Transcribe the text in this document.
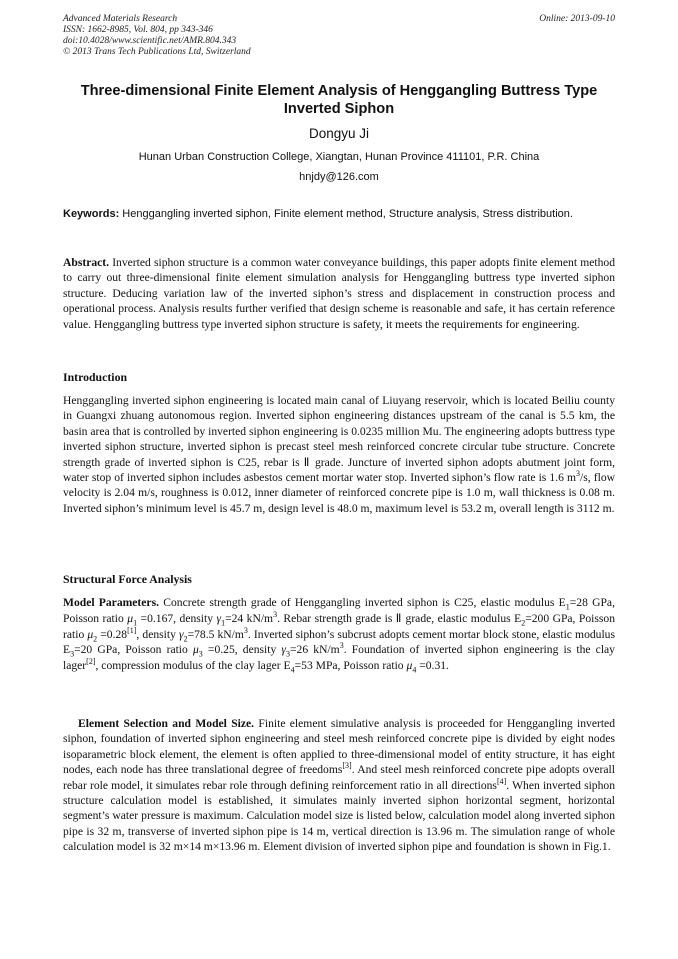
Advanced Materials Research
ISSN: 1662-8985, Vol. 804, pp 343-346
doi:10.4028/www.scientific.net/AMR.804.343
© 2013 Trans Tech Publications Ltd, Switzerland
Online: 2013-09-10
Three-dimensional Finite Element Analysis of Henggangling Buttress Type Inverted Siphon
Dongyu Ji
Hunan Urban Construction College, Xiangtan, Hunan Province 411101, P.R. China
hnjdy@126.com
Keywords: Henggangling inverted siphon, Finite element method, Structure analysis, Stress distribution.
Abstract. Inverted siphon structure is a common water conveyance buildings, this paper adopts finite element method to carry out three-dimensional finite element simulation analysis for Henggangling buttress type inverted siphon structure. Deducing variation law of the inverted siphon’s stress and displacement in construction process and operational process. Analysis results further verified that design scheme is reasonable and safe, it has certain reference value. Henggangling buttress type inverted siphon structure is safety, it meets the requirements for engineering.
Introduction
Henggangling inverted siphon engineering is located main canal of Liuyang reservoir, which is located Beiliu county in Guangxi zhuang autonomous region. Inverted siphon engineering distances upstream of the canal is 5.5 km, the basin area that is controlled by inverted siphon engineering is 0.0235 million Mu. The engineering adopts buttress type inverted siphon structure, inverted siphon is precast steel mesh reinforced concrete circular tube structure. Concrete strength grade of inverted siphon is C25, rebar is Ⅱ grade. Juncture of inverted siphon adopts abutment joint form, water stop of inverted siphon includes asbestos cement mortar water stop. Inverted siphon’s flow rate is 1.6 $m^3/s$, flow velocity is 2.04 m/s, roughness is 0.012, inner diameter of reinforced concrete pipe is 1.0 m, wall thickness is 0.08 m. Inverted siphon’s minimum level is 45.7 m, design level is 48.0 m, maximum level is 53.2 m, overall length is 3112 m.
Structural Force Analysis
Model Parameters. Concrete strength grade of Henggangling inverted siphon is C25, elastic modulus $E_1=28$ GPa, Poisson ratio $\mu_1 =0.167$, density $\gamma_1=24$ $kN/m^3$. Rebar strength grade is Ⅱ grade, elastic modulus $E_2=200$ GPa, Poisson ratio $\mu_2 =0.28[1]$, density $\gamma_2=78.5$ $kN/m^3$. Inverted siphon’s subcrust adopts cement mortar block stone, elastic modulus $E_3=20$ GPa, Poisson ratio $\mu_3 =0.25$, density $\gamma_3=26$ $kN/m^3$. Foundation of inverted siphon engineering is the clay lager[2], compression modulus of the clay lager $E_4=53$ MPa, Poisson ratio $\mu_4 =0.31$.

Element Selection and Model Size. Finite element simulative analysis is proceeded for Henggangling inverted siphon, foundation of inverted siphon engineering and steel mesh reinforced concrete pipe is divided by eight nodes isoparametric block element, the element is often applied to three-dimensional model of entity structure, it has eight nodes, each node has three translational degree of freedoms[3]. And steel mesh reinforced concrete pipe adopts overall rebar role model, it simulates rebar role through defining reinforcement ratio in all directions[4]. When inverted siphon structure calculation model is established, it simulates mainly inverted siphon horizontal segment, horizontal segment’s water pressure is maximum. Calculation model size is listed below, calculation model along inverted siphon pipe is 32 m, transverse of inverted siphon pipe is 14 m, vertical direction is 13.96 m. The simulation range of whole calculation model is 32 m×14 m×13.96 m. Element division of inverted siphon pipe and foundation is shown in Fig.1.
